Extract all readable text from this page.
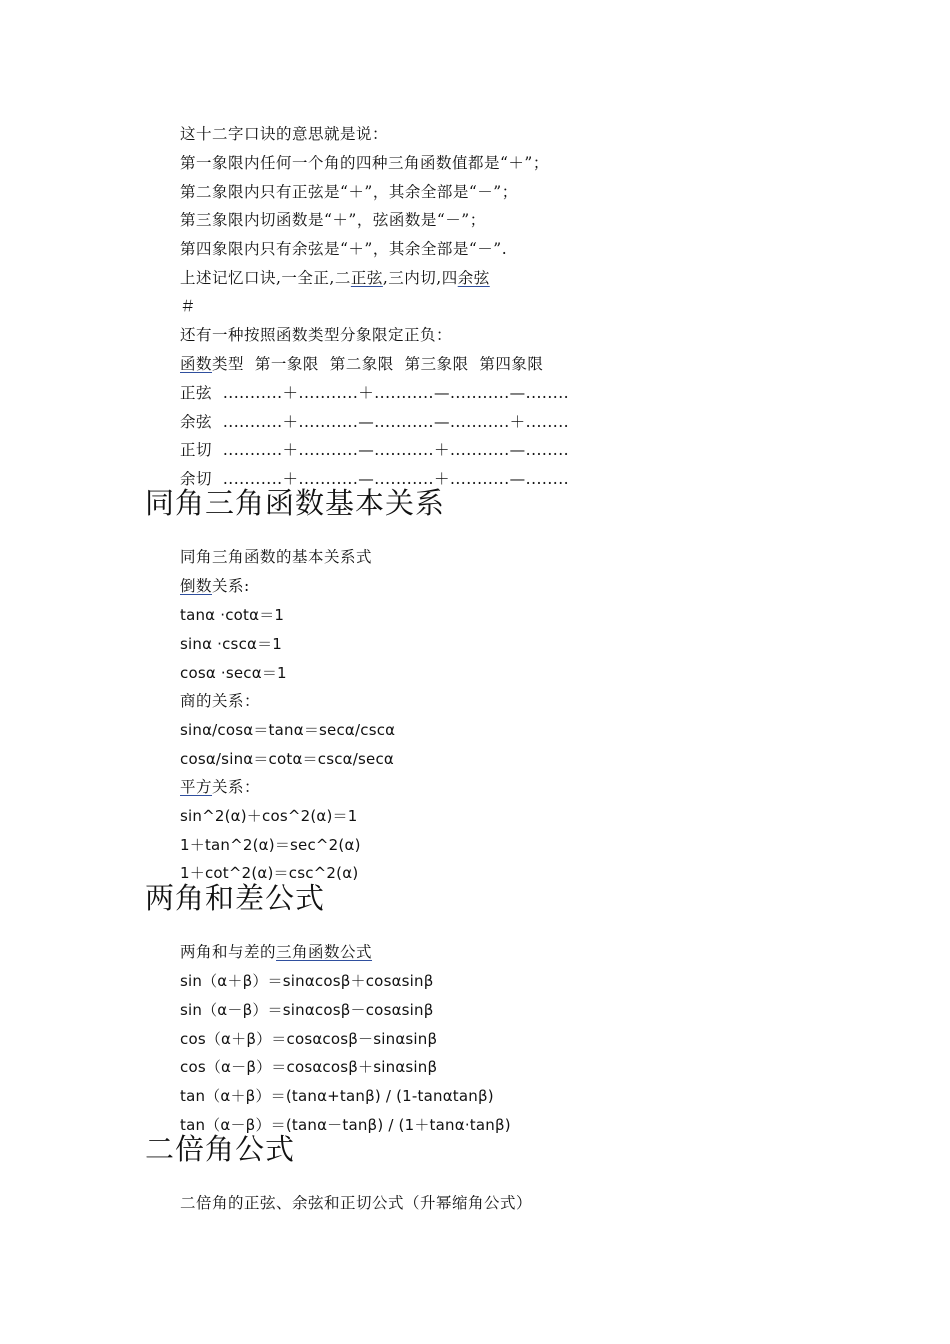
这十二字口诀的意思就是说：
第一象限内任何一个角的四种三角函数值都是“＋”；
第二象限内只有正弦是“＋”，其余全部是“－”；
第三象限内切函数是“＋”，弦函数是“－”；
第四象限内只有余弦是“＋”，其余全部是“－”.
上述记忆口诀,一全正,二正弦,三内切,四余弦
＃
还有一种按照函数类型分象限定正负：
函数类型  第一象限  第二象限  第三象限  第四象限
正弦  ...........＋...........＋...........—...........—........
余弦  ...........＋...........—...........—...........＋........
正切  ...........＋...........—...........＋...........—........
余切  ...........＋...........—...........＋...........—........
同角三角函数基本关系
同角三角函数的基本关系式
倒数关系:
tanα ·cotα＝1
sinα ·cscα＝1
cosα ·secα＝1
商的关系：
sinα/cosα＝tanα＝secα/cscα
cosα/sinα＝cotα＝cscα/secα
平方关系：
sin^2(α)＋cos^2(α)＝1
1＋tan^2(α)＝sec^2(α)
1＋cot^2(α)＝csc^2(α)
两角和差公式
两角和与差的三角函数公式
sin（α＋β）＝sinαcosβ＋cosαsinβ
sin（α－β）＝sinαcosβ－cosαsinβ
cos（α＋β）＝cosαcosβ－sinαsinβ
cos（α－β）＝cosαcosβ＋sinαsinβ
tan（α＋β）＝(tanα+tanβ) / (1-tanαtanβ)
tan（α－β）＝(tanα－tanβ) / (1＋tanα·tanβ)
二倍角公式
二倍角的正弦、余弦和正切公式（升幂缩角公式）
